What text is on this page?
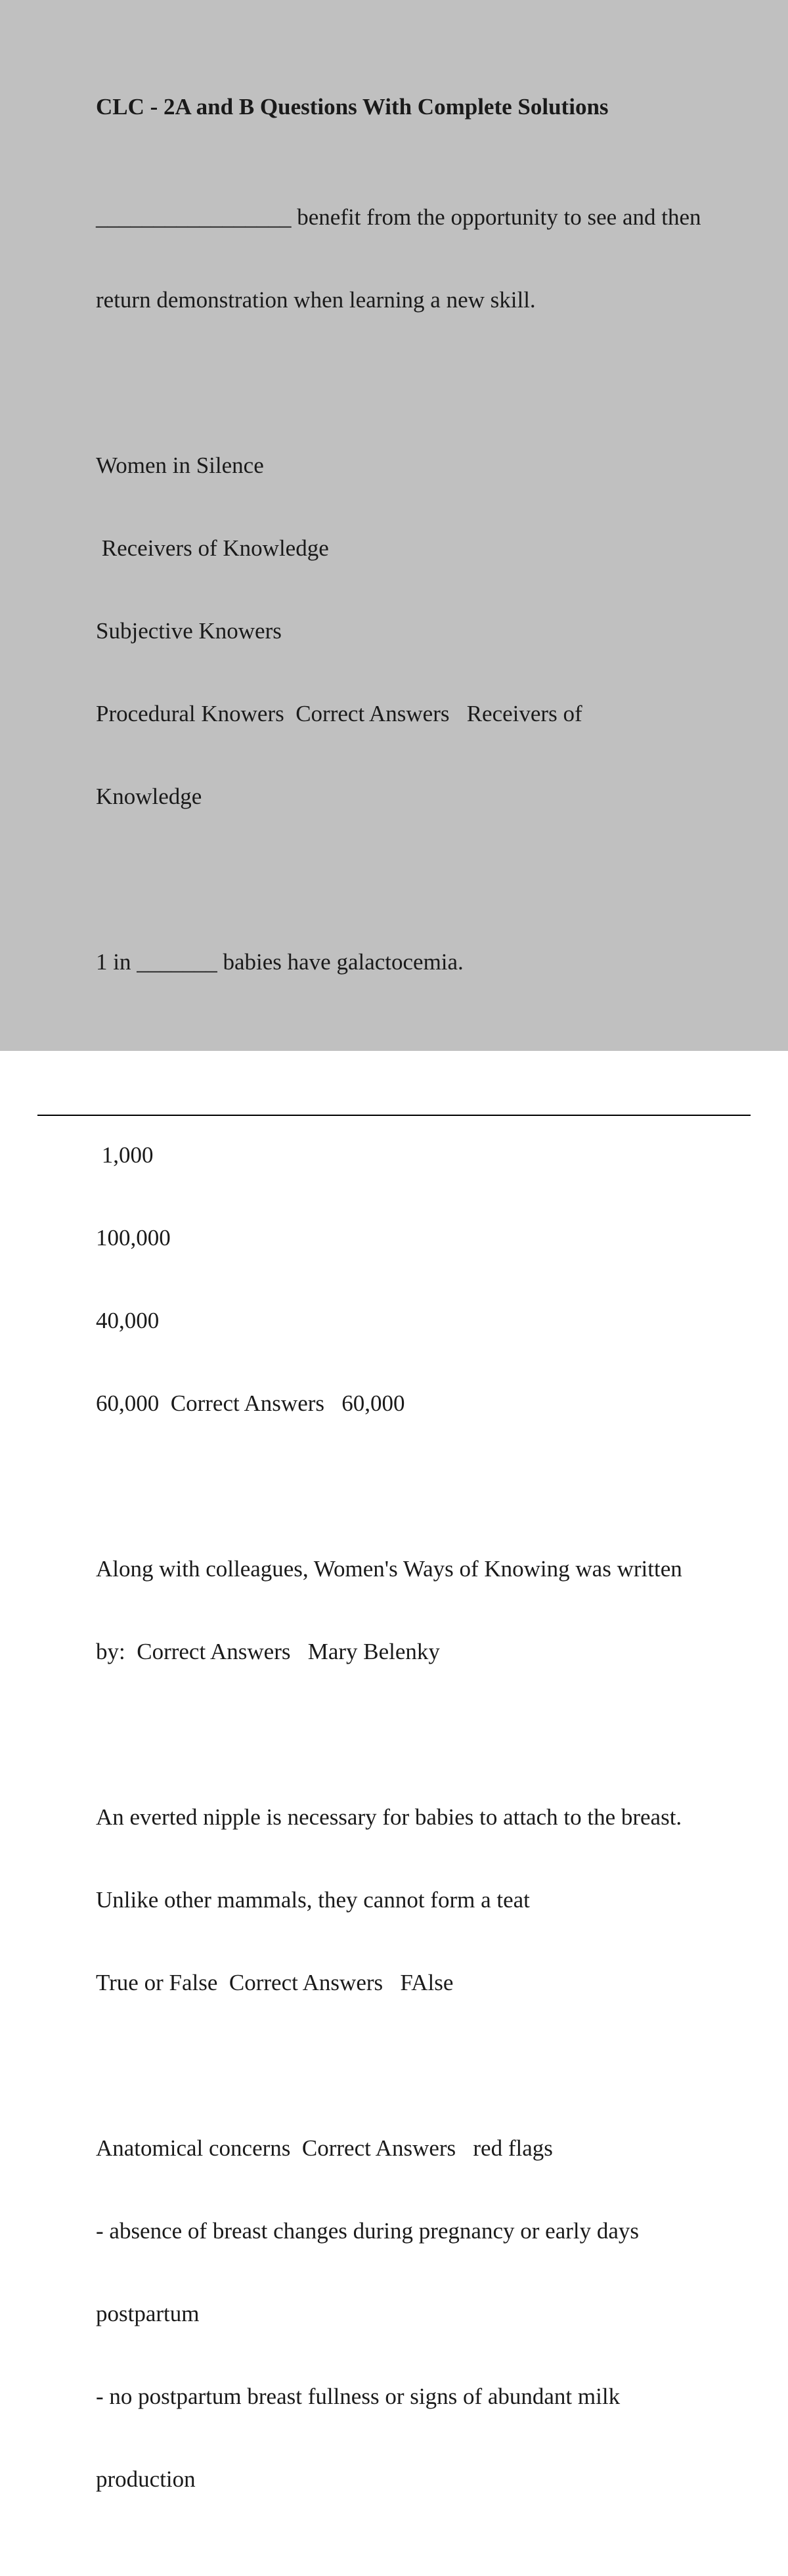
CLC - 2A and B Questions With Complete Solutions

_________________ benefit from the opportunity to see and then

return demonstration when learning a new skill.

Women in Silence

Receivers of Knowledge

Subjective Knowers

Procedural Knowers  Correct Answers   Receivers of

Knowledge

1 in _______ babies have galactocemia.

1,000

100,000

40,000

60,000  Correct Answers   60,000

Along with colleagues, Women's Ways of Knowing was written

by:  Correct Answers   Mary Belenky

An everted nipple is necessary for babies to attach to the breast.

Unlike other mammals, they cannot form a teat

True or False  Correct Answers   FAlse

Anatomical concerns  Correct Answers   red flags

- absence of breast changes during pregnancy or early days

postpartum

- no postpartum breast fullness or signs of abundant milk

production
